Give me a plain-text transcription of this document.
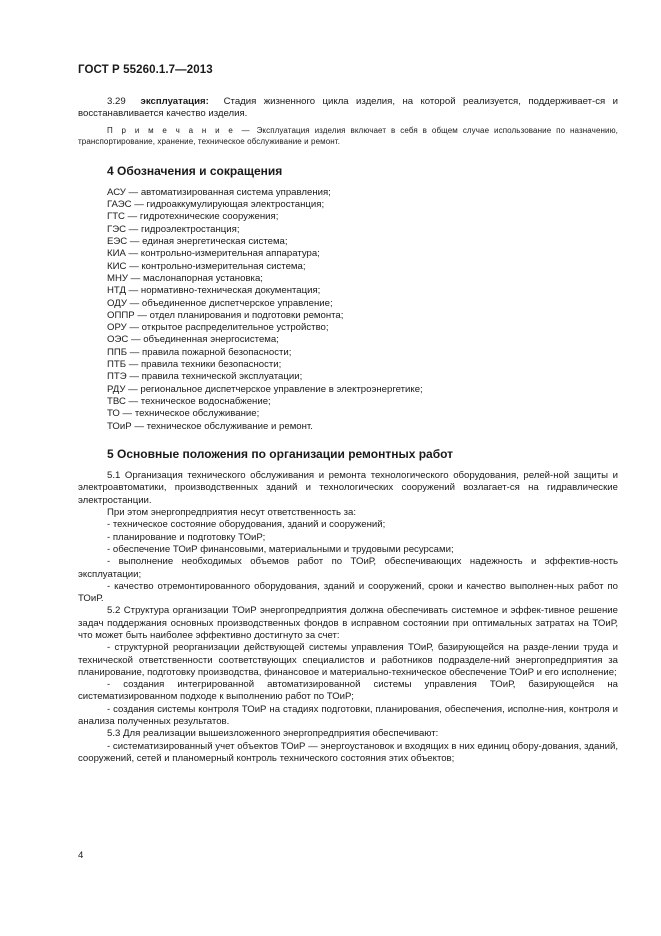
ГОСТ Р 55260.1.7—2013

3.29 эксплуатация: Стадия жизненного цикла изделия, на которой реализуется, поддерживает-ся и восстанавливается качество изделия.

П р и м е ч а н и е — Эксплуатация изделия включает в себя в общем случае использование по назначению, транспортирование, хранение, техническое обслуживание и ремонт.

4 Обозначения и сокращения
АСУ — автоматизированная система управления;
ГАЭС — гидроаккумулирующая электростанция;
ГТС — гидротехнические сооружения;
ГЭС — гидроэлектростанция;
ЕЭС — единая энергетическая система;
КИА — контрольно-измерительная аппаратура;
КИС — контрольно-измерительная система;
МНУ — маслонапорная установка;
НТД — нормативно-техническая документация;
ОДУ — объединенное диспетчерское управление;
ОППР — отдел планирования и подготовки ремонта;
ОРУ — открытое распределительное устройство;
ОЭС — объединенная энергосистема;
ППБ — правила пожарной безопасности;
ПТБ — правила техники безопасности;
ПТЭ — правила технической эксплуатации;
РДУ — региональное диспетчерское управление в электроэнергетике;
ТВС — техническое водоснабжение;
ТО — техническое обслуживание;
ТОиР — техническое обслуживание и ремонт.
5 Основные положения по организации ремонтных работ

5.1 Организация технического обслуживания и ремонта технологического оборудования, релей-ной защиты и электроавтоматики, производственных зданий и технологических сооружений возлагает-ся на гидравлические электростанции.

При этом энергопредприятия несут ответственность за:

- техническое состояние оборудования, зданий и сооружений;

- планирование и подготовку ТОиР;

- обеспечение ТОиР финансовыми, материальными и трудовыми ресурсами;

- выполнение необходимых объемов работ по ТОиР, обеспечивающих надежность и эффектив-ность эксплуатации;

- качество отремонтированного оборудования, зданий и сооружений, сроки и качество выполнен-ных работ по ТОиР.

5.2 Структура организации ТОиР энергопредприятия должна обеспечивать системное и эффек-тивное решение задач поддержания основных производственных фондов в исправном состоянии при оптимальных затратах на ТОиР, что может быть наиболее эффективно достигнуто за счет:

- структурной реорганизации действующей системы управления ТОиР, базирующейся на разде-лении труда и технической ответственности соответствующих специалистов и работников подразделе-ний энергопредприятия за планирование, подготовку производства, финансовое и материально-техническое обеспечение ТОиР и его исполнение;

- создания интегрированной автоматизированной системы управления ТОиР, базирующейся на систематизированном подходе к выполнению работ по ТОиР;

- создания системы контроля ТОиР на стадиях подготовки, планирования, обеспечения, исполне-ния, контроля и анализа полученных результатов.

5.3 Для реализации вышеизложенного энергопредприятия обеспечивают:

- систематизированный учет объектов ТОиР — энергоустановок и входящих в них единиц обору-дования, зданий, сооружений, сетей и планомерный контроль технического состояния этих объектов;

4
